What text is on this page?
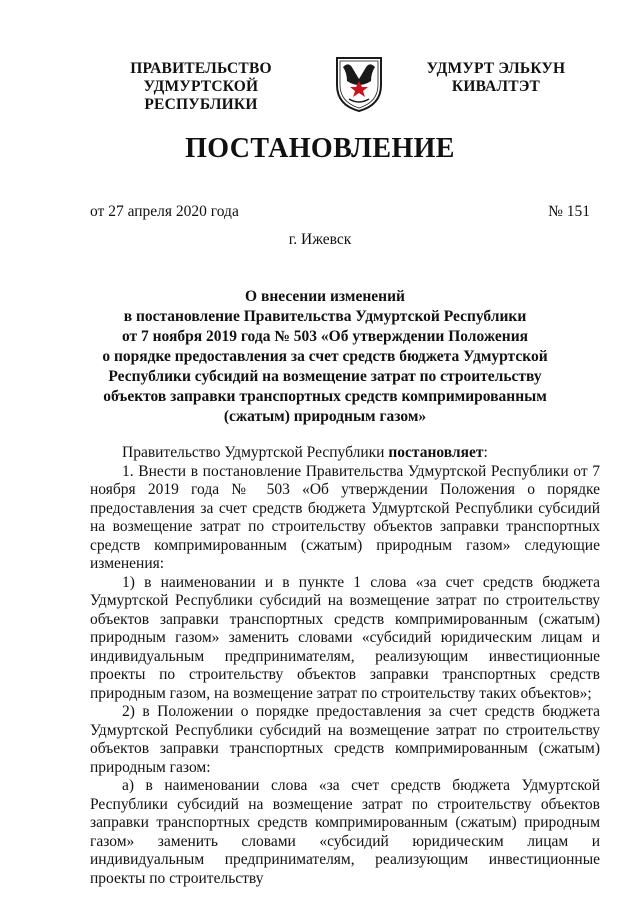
ПРАВИТЕЛЬСТВО
УДМУРТСКОЙ РЕСПУБЛИКИ
УДМУРТ ЭЛЬКУН
КИВАЛТЭТ
ПОСТАНОВЛЕНИЕ
от 27 апреля 2020 года	№ 151
г. Ижевск
О внесении изменений
в постановление Правительства Удмуртской Республики
от 7 ноября 2019 года № 503 «Об утверждении Положения
о порядке предоставления за счет средств бюджета Удмуртской
Республики субсидий на возмещение затрат по строительству
объектов заправки транспортных средств компримированным
(сжатым) природным газом»

Правительство Удмуртской Республики постановляет:

1. Внести в постановление Правительства Удмуртской Республики от 7 ноября 2019 года № 503 «Об утверждении Положения о порядке предоставления за счет средств бюджета Удмуртской Республики субсидий на возмещение затрат по строительству объектов заправки транспортных средств компримированным (сжатым) природным газом» следующие изменения:

1) в наименовании и в пункте 1 слова «за счет средств бюджета Удмуртской Республики субсидий на возмещение затрат по строительству объектов заправки транспортных средств компримированным (сжатым) природным газом» заменить словами «субсидий юридическим лицам и индивидуальным предпринимателям, реализующим инвестиционные проекты по строительству объектов заправки транспортных средств природным газом, на возмещение затрат по строительству таких объектов»;

2) в Положении о порядке предоставления за счет средств бюджета Удмуртской Республики субсидий на возмещение затрат по строительству объектов заправки транспортных средств компримированным (сжатым) природным газом:

а) в наименовании слова «за счет средств бюджета Удмуртской Республики субсидий на возмещение затрат по строительству объектов заправки транспортных средств компримированным (сжатым) природным газом» заменить словами «субсидий юридическим лицам и индивидуальным предпринимателям, реализующим инвестиционные проекты по строительству
